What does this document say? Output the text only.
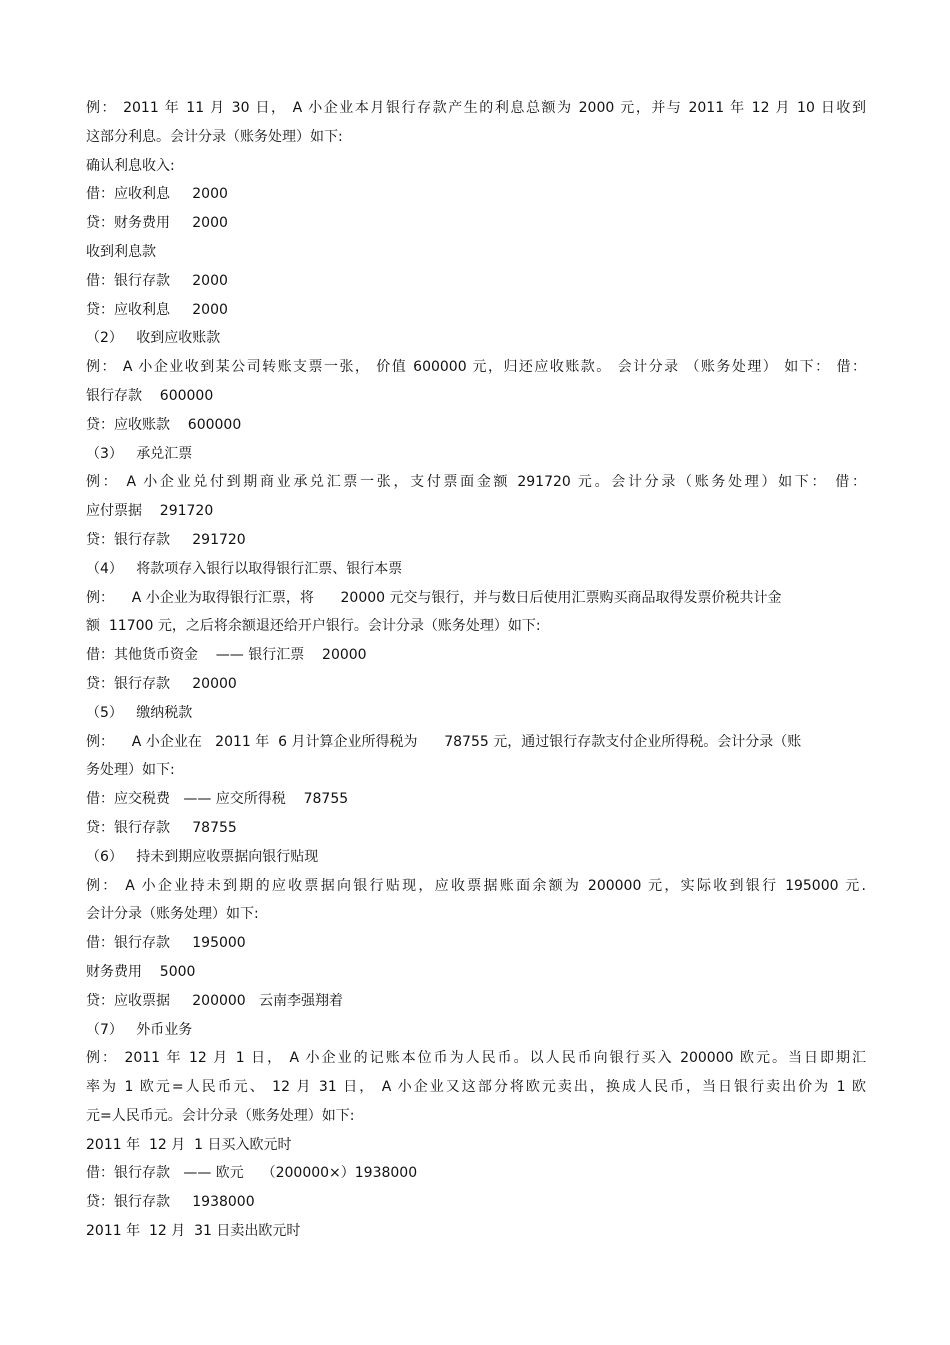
例： 2011 年 11 月 30 日， A 小企业本月银行存款产生的利息总额为 2000 元，并与 2011 年 12 月 10 日收到
这部分利息。会计分录（账务处理）如下:
确认利息收入:
借：应收利息     2000
贷：财务费用     2000
收到利息款
借：银行存款     2000
贷：应收利息     2000
（2）   收到应收账款
例： A 小企业收到某公司转账支票一张， 价值 600000 元，归还应收账款。 会计分录 （账务处理） 如下： 借：
银行存款    600000
贷：应收账款    600000
（3）   承兑汇票
例： A 小企业兑付到期商业承兑汇票一张，支付票面金额 291720 元。会计分录（账务处理）如下： 借：
应付票据    291720
贷：银行存款     291720
（4）   将款项存入银行以取得银行汇票、银行本票
例：    A 小企业为取得银行汇票，将      20000 元交与银行，并与数日后使用汇票购买商品取得发票价税共计金
额  11700 元，之后将余额退还给开户银行。会计分录（账务处理）如下:
借：其他货币资金    —— 银行汇票    20000
贷：银行存款     20000
（5）   缴纳税款
例：    A 小企业在   2011 年  6 月计算企业所得税为      78755 元，通过银行存款支付企业所得税。会计分录（账
务处理）如下:
借：应交税费   —— 应交所得税    78755
贷：银行存款     78755
（6）   持未到期应收票据向银行贴现
例： A 小企业持未到期的应收票据向银行贴现，应收票据账面余额为 200000 元，实际收到银行 195000 元.
会计分录（账务处理）如下:
借：银行存款     195000
财务费用    5000
贷：应收票据     200000   云南李强翔着
（7）   外币业务
例： 2011 年 12 月 1 日， A 小企业的记账本位币为人民币。以人民币向银行买入 200000 欧元。当日即期汇
率为 1 欧元=人民币元、 12 月 31 日， A 小企业又这部分将欧元卖出，换成人民币，当日银行卖出价为 1 欧
元=人民币元。会计分录（账务处理）如下:
2011 年  12 月  1 日买入欧元时
借：银行存款   —— 欧元    （200000×）1938000
贷：银行存款     1938000
2011 年  12 月  31 日卖出欧元时
